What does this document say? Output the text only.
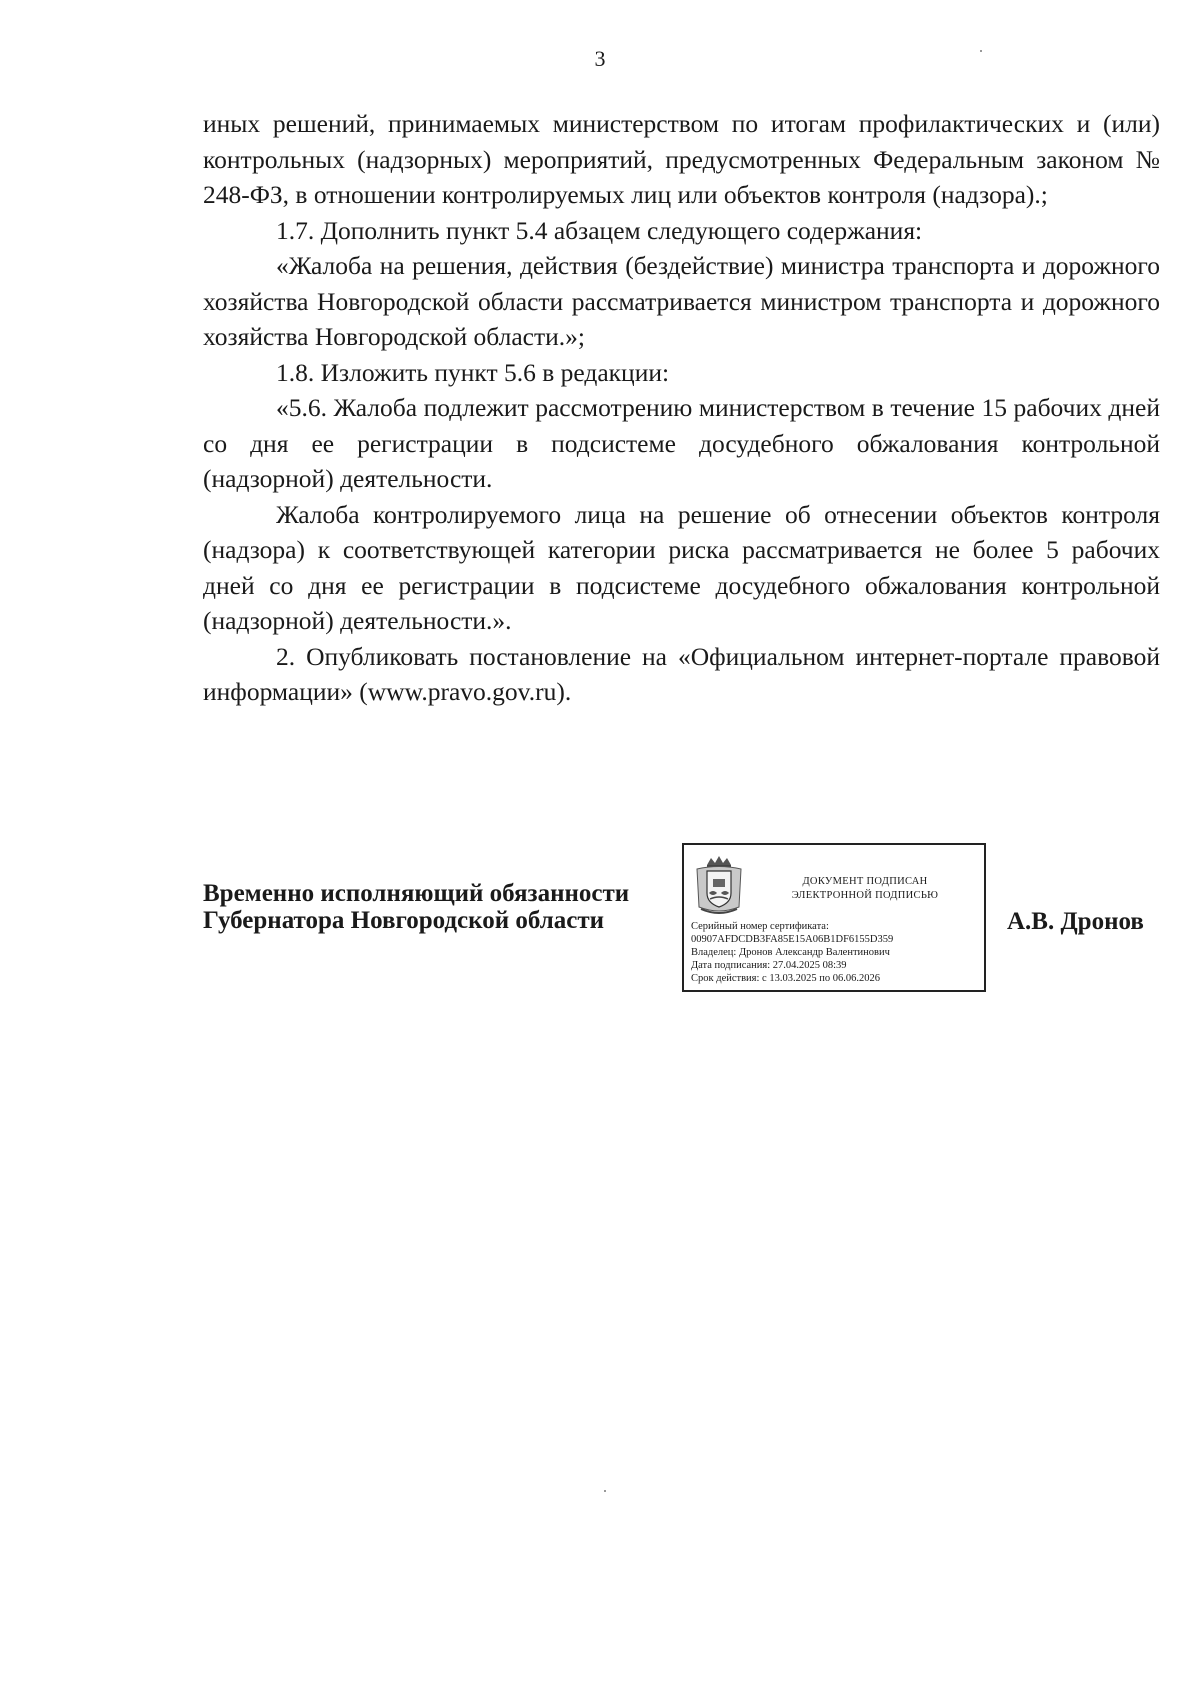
3

иных решений, принимаемых министерством по итогам профилактических и (или) контрольных (надзорных) мероприятий, предусмотренных Федеральным законом № 248-ФЗ, в отношении контролируемых лиц или объектов контроля (надзора).;

1.7. Дополнить пункт 5.4 абзацем следующего содержания:

«Жалоба на решения, действия (бездействие) министра транспорта и дорожного хозяйства Новгородской области рассматривается министром транспорта и дорожного хозяйства Новгородской области.»;

1.8. Изложить пункт 5.6 в редакции:

«5.6. Жалоба подлежит рассмотрению министерством в течение 15 рабочих дней со дня ее регистрации в подсистеме досудебного обжалования контрольной (надзорной) деятельности.

Жалоба контролируемого лица на решение об отнесении объектов контроля (надзора) к соответствующей категории риска рассматривается не более 5 рабочих дней со дня ее регистрации в подсистеме досудебного обжалования контрольной (надзорной) деятельности.».

2. Опубликовать постановление на «Официальном интернет-портале правовой информации» (www.pravo.gov.ru).

Временно исполняющий обязанности
Губернатора Новгородской области
ДОКУМЕНТ ПОДПИСАН
ЭЛЕКТРОННОЙ ПОДПИСЬЮ
Серийный номер сертификата:
00907AFDCDB3FA85E15A06B1DF6155D359
Владелец: Дронов Александр Валентинович
Дата подписания: 27.04.2025 08:39
Срок действия: с 13.03.2025 по 06.06.2026
А.В. Дронов
